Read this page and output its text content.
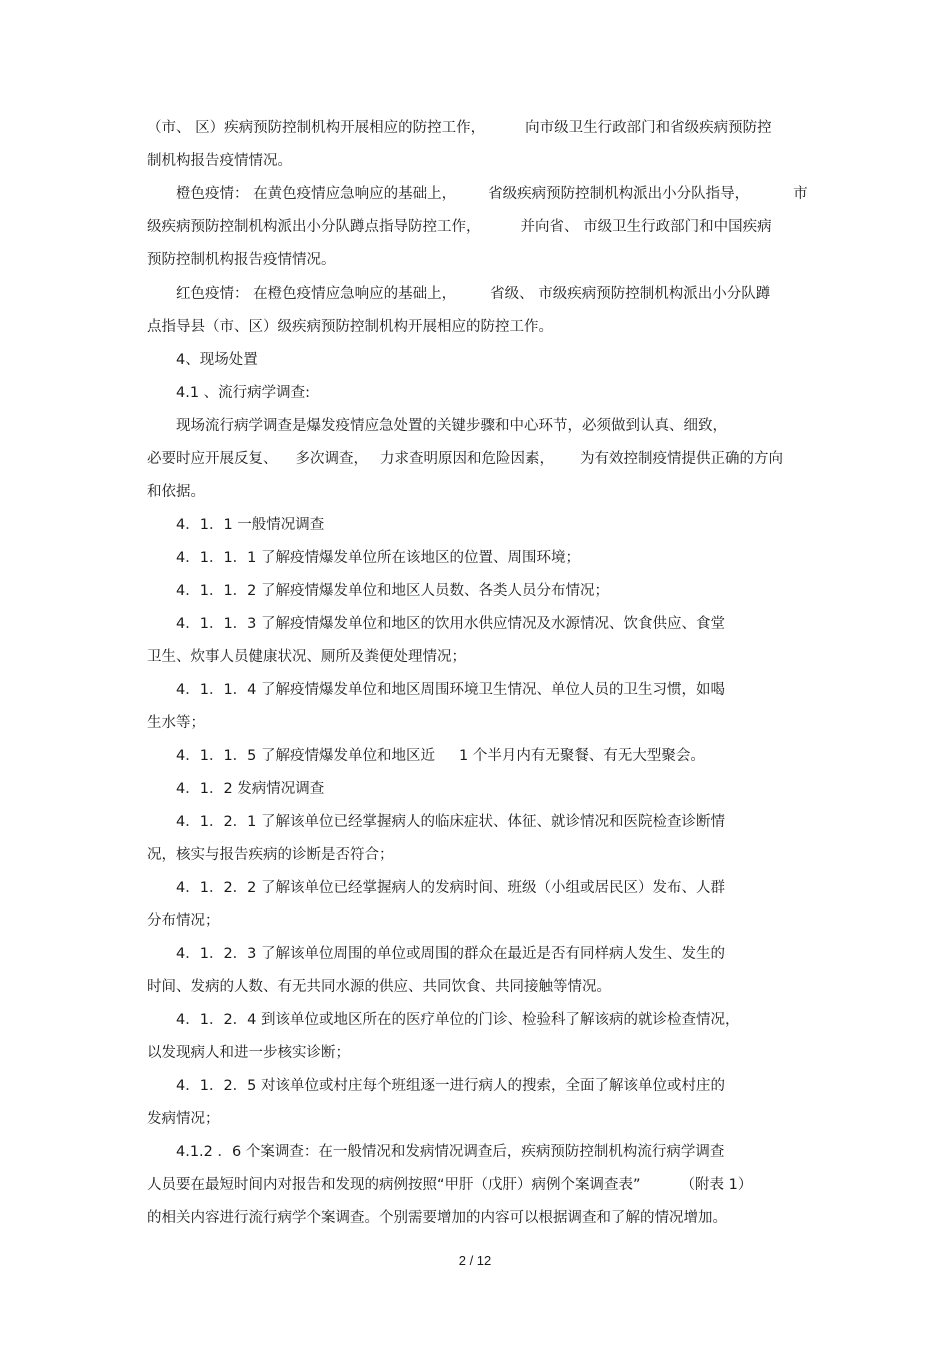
（市、 区）疾病预防控制机构开展相应的防控工作，	向市级卫生行政部门和省级疾病预防控
制机构报告疫情情况。
橙色疫情： 在黄色疫情应急响应的基础上， 省级疾病预防控制机构派出小分队指导，	市
级疾病预防控制机构派出小分队蹲点指导防控工作，	并向省、 市级卫生行政部门和中国疾病
预防控制机构报告疫情情况。
红色疫情： 在橙色疫情应急响应的基础上， 省级、 市级疾病预防控制机构派出小分队蹲
点指导县（市、区）级疾病预防控制机构开展相应的防控工作。
4、现场处置
4.1 、流行病学调查:
现场流行病学调查是爆发疫情应急处置的关键步骤和中心环节，必须做到认真、细致，
必要时应开展反复、 多次调查， 力求查明原因和危险因素， 为有效控制疫情提供正确的方向
和依据。
4．1．1 一般情况调查
4．1．1．1 了解疫情爆发单位所在该地区的位置、周围环境；
4．1．1．2 了解疫情爆发单位和地区人员数、各类人员分布情况；
4．1．1．3 了解疫情爆发单位和地区的饮用水供应情况及水源情况、饮食供应、食堂
卫生、炊事人员健康状况、厕所及粪便处理情况；
4．1．1．4 了解疫情爆发单位和地区周围环境卫生情况、单位人员的卫生习惯，如喝
生水等；
4．1．1．5 了解疫情爆发单位和地区近 1 个半月内有无聚餐、有无大型聚会。
4．1．2 发病情况调查
4．1．2．1 了解该单位已经掌握病人的临床症状、体征、就诊情况和医院检查诊断情
况，核实与报告疾病的诊断是否符合；
4．1．2．2 了解该单位已经掌握病人的发病时间、班级（小组或居民区）发布、人群
分布情况；
4．1．2．3 了解该单位周围的单位或周围的群众在最近是否有同样病人发生、发生的
时间、发病的人数、有无共同水源的供应、共同饮食、共同接触等情况。
4．1．2．4 到该单位或地区所在的医疗单位的门诊、检验科了解该病的就诊检查情况，
以发现病人和进一步核实诊断；
4．1．2．5 对该单位或村庄每个班组逐一进行病人的搜索，全面了解该单位或村庄的
发病情况；
4.1.2 ．6 个案调查：在一般情况和发病情况调查后，疾病预防控制机构流行病学调查
人员要在最短时间内对报告和发现的病例按照“甲肝（戊肝）病例个案调查表”	（附表 1）
的相关内容进行流行病学个案调查。个别需要增加的内容可以根据调查和了解的情况增加。
2 / 12
